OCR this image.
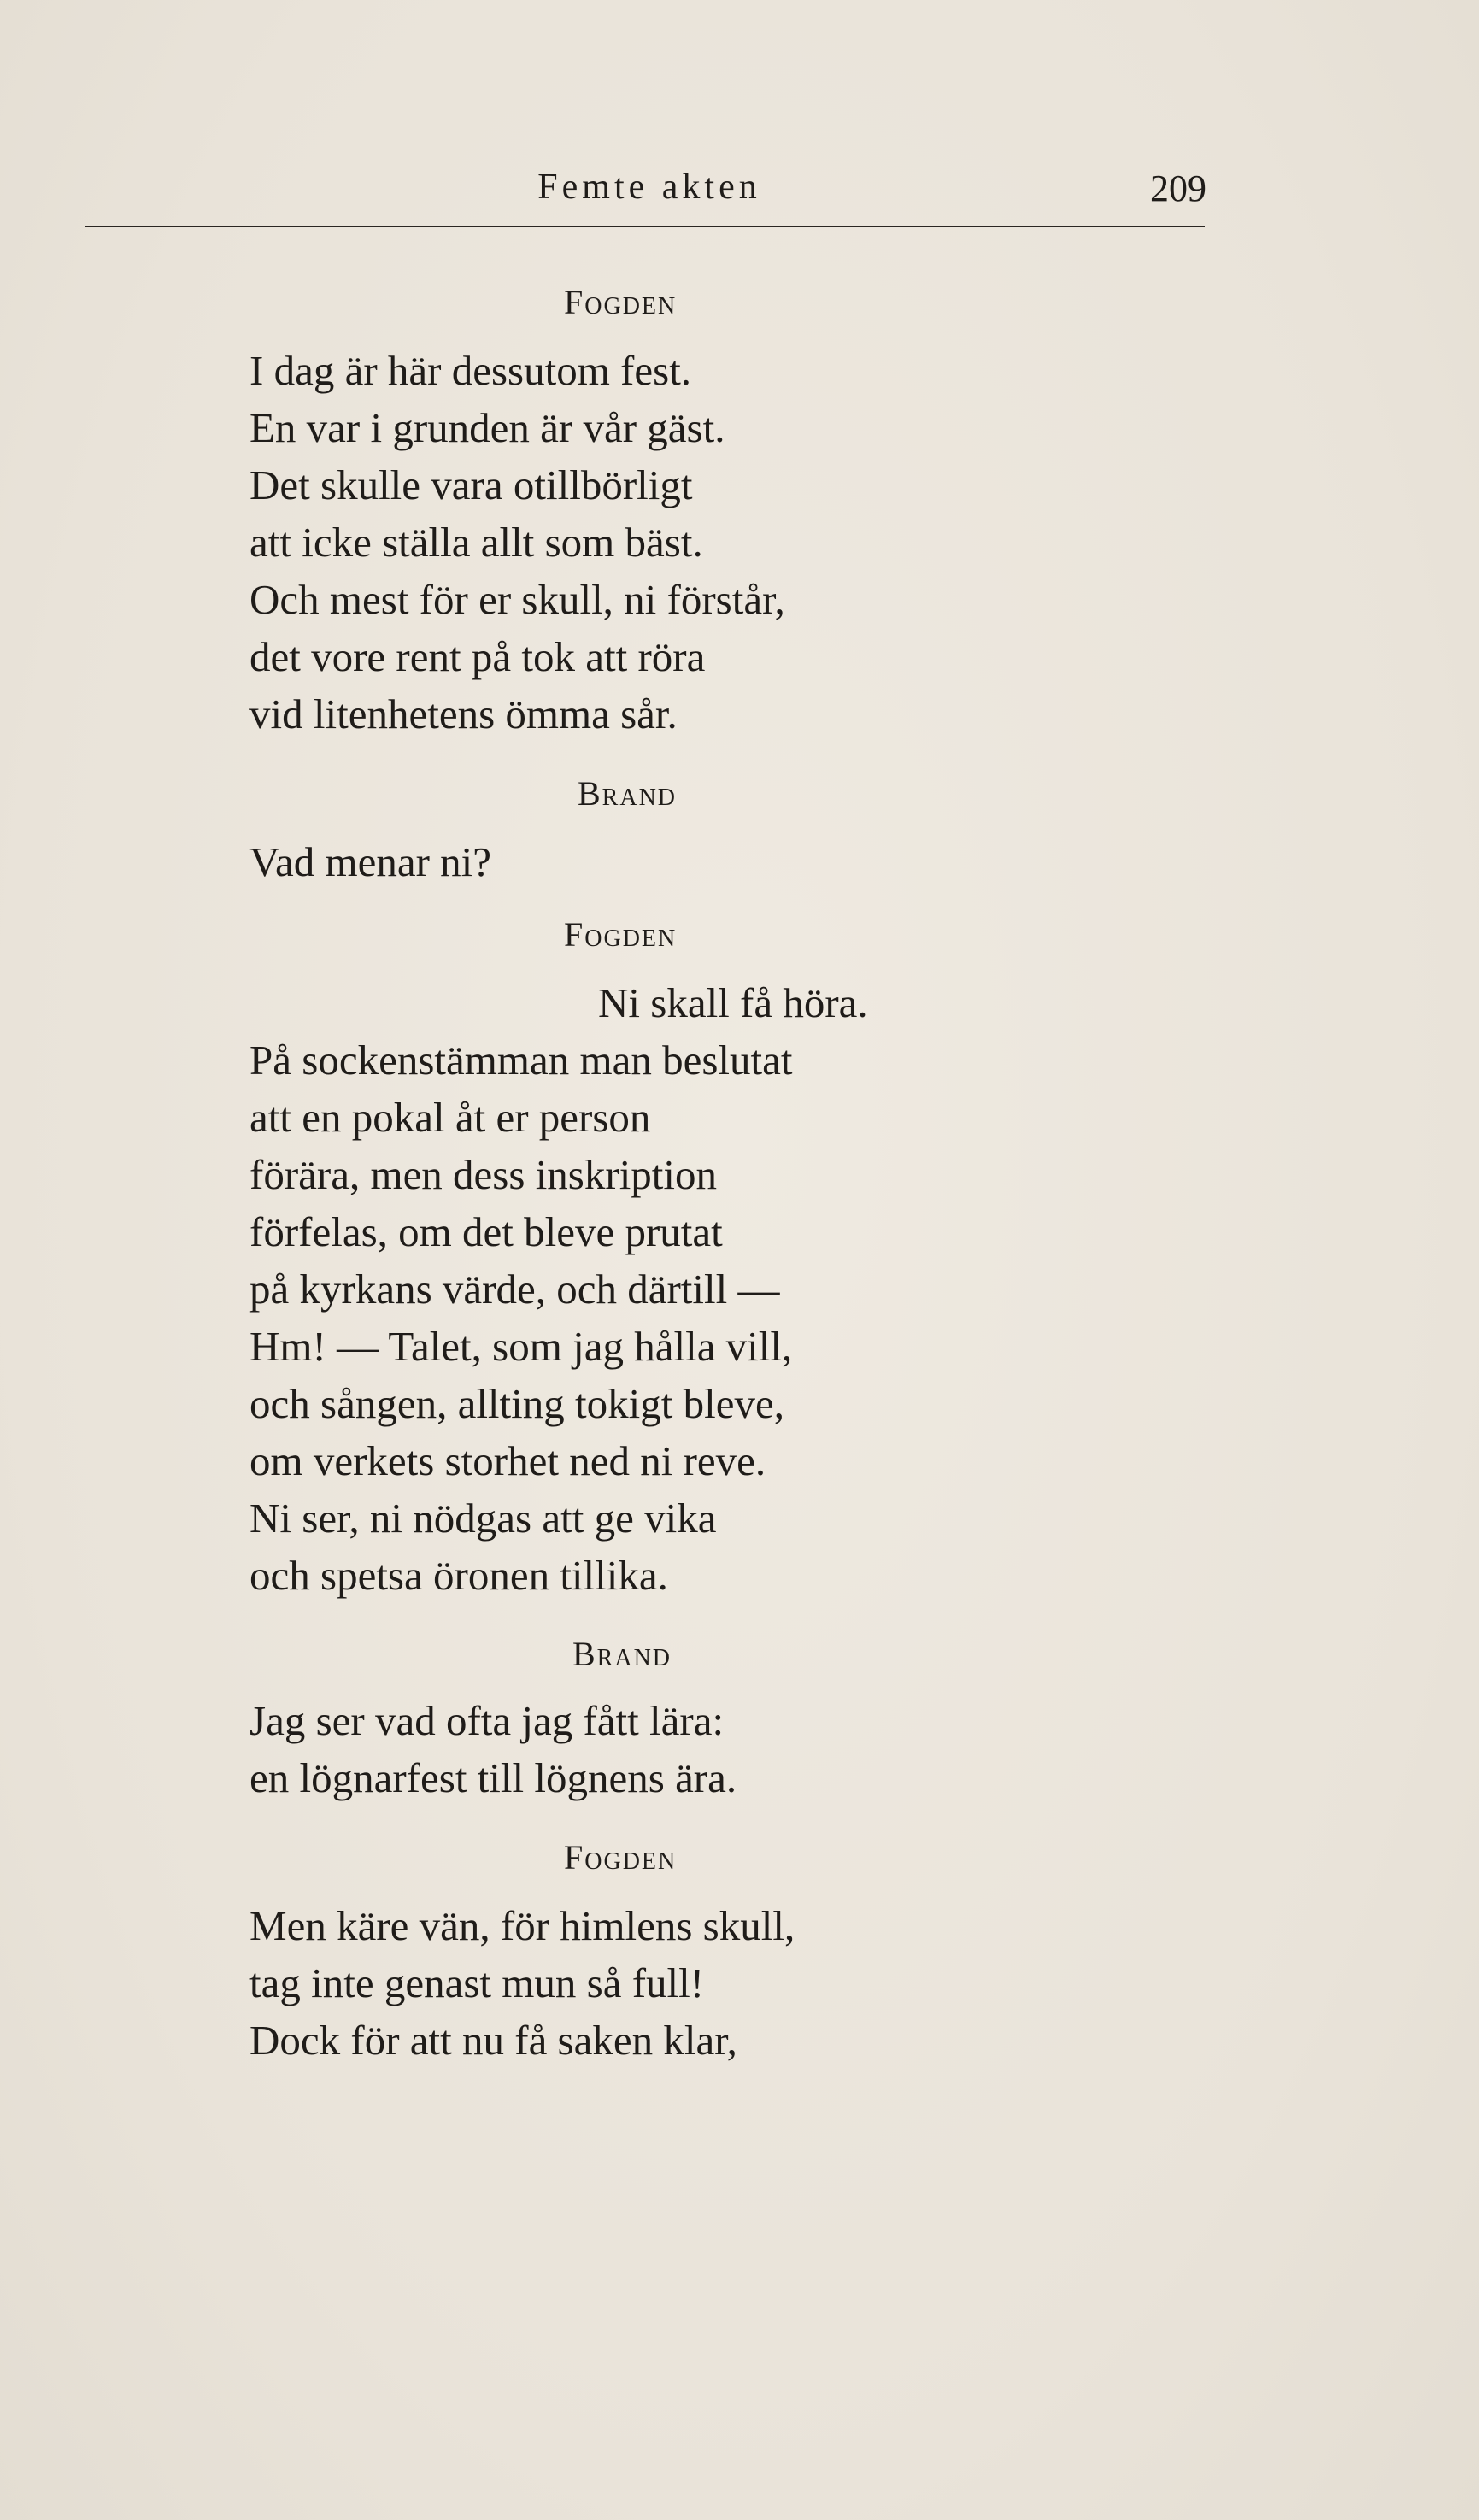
Femte akten	209
Fogden
I dag är här dessutom fest.
En var i grunden är vår gäst.
Det skulle vara otillbörligt
att icke ställa allt som bäst.
Och mest för er skull, ni förstår,
det vore rent på tok att röra
vid litenhetens ömma sår.
Brand
Vad menar ni?
Fogden
Ni skall få höra.
På sockenstämman man beslutat
att en pokal åt er person
förära, men dess inskription
förfelas, om det bleve prutat
på kyrkans värde, och därtill —
Hm! — Talet, som jag hålla vill,
och sången, allting tokigt bleve,
om verkets storhet ned ni reve.
Ni ser, ni nödgas att ge vika
och spetsa öronen tillika.
Brand
Jag ser vad ofta jag fått lära:
en lögnarfest till lögnens ära.
Fogden
Men käre vän, för himlens skull,
tag inte genast mun så full!
Dock för att nu få saken klar,
